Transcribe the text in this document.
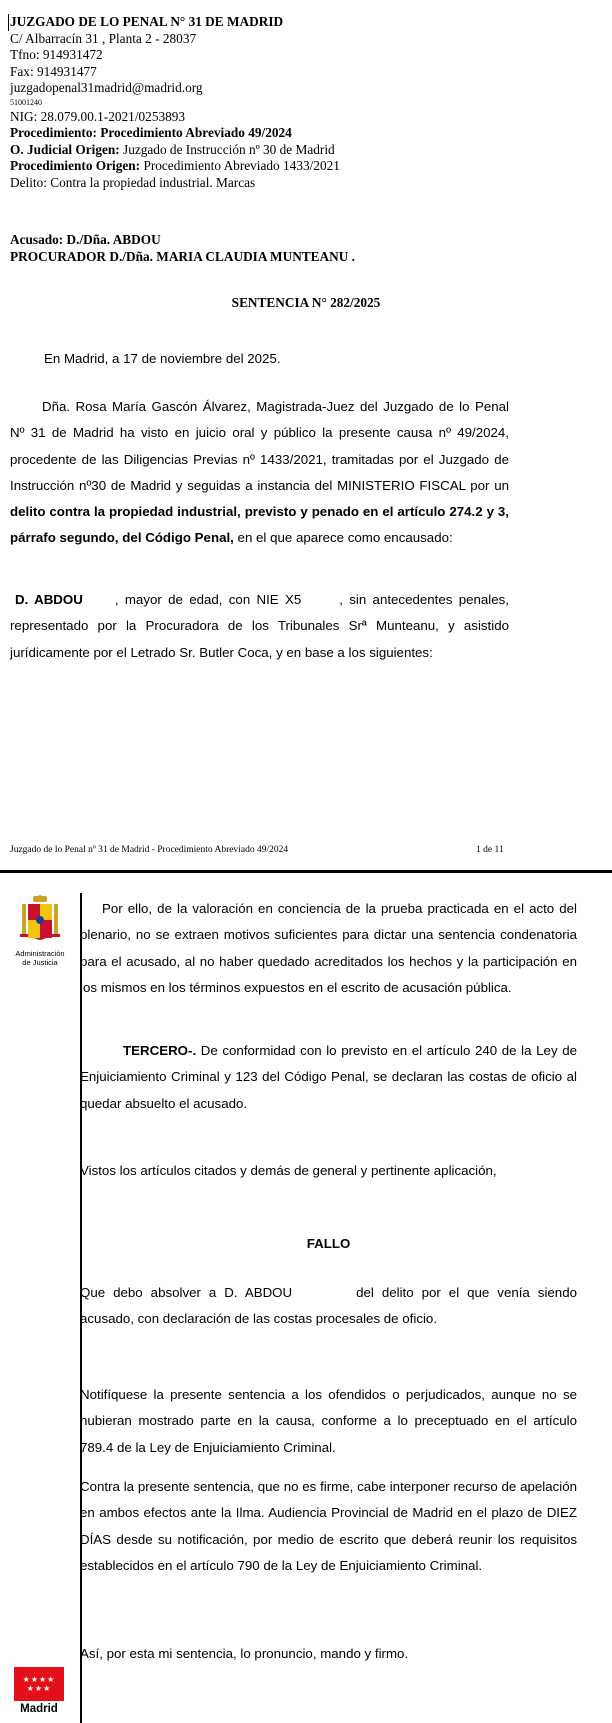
JUZGADO DE LO PENAL N° 31 DE MADRID
C/ Albarracín 31 , Planta 2 - 28037
Tfno: 914931472
Fax: 914931477
juzgadopenal31madrid@madrid.org
51001240
NIG: 28.079.00.1-2021/0253893
Procedimiento: Procedimiento Abreviado 49/2024
O. Judicial Origen: Juzgado de Instrucción nº 30 de Madrid
Procedimiento Origen: Procedimiento Abreviado 1433/2021
Delito: Contra la propiedad industrial. Marcas
Acusado: D./Dña. ABDOU
PROCURADOR D./Dña. MARIA CLAUDIA MUNTEANU .
SENTENCIA N° 282/2025
En Madrid, a 17 de noviembre del 2025.
Dña. Rosa María Gascón Álvarez, Magistrada-Juez del Juzgado de lo Penal Nº 31 de Madrid ha visto en juicio oral y público la presente causa nº 49/2024, procedente de las Diligencias Previas nº 1433/2021, tramitadas por el Juzgado de Instrucción nº30 de Madrid y seguidas a instancia del MINISTERIO FISCAL por un delito contra la propiedad industrial, previsto y penado en el artículo 274.2 y 3, párrafo segundo, del Código Penal, en el que aparece como encausado:
D. ABDOU , mayor de edad, con NIE X5	, sin antecedentes penales, representado por la Procuradora de los Tribunales Srª Munteanu, y asistido jurídicamente por el Letrado Sr. Butler Coca, y en base a los siguientes:
Juzgado de lo Penal nº 31 de Madrid - Procedimiento Abreviado 49/2024	1 de 11
Administración de Justicia
Por ello, de la valoración en conciencia de la prueba practicada en el acto del plenario, no se extraen motivos suficientes para dictar una sentencia condenatoria para el acusado, al no haber quedado acreditados los hechos y la participación en los mismos en los términos expuestos en el escrito de acusación pública.
TERCERO-. De conformidad con lo previsto en el artículo 240 de la Ley de Enjuiciamiento Criminal y 123 del Código Penal, se declaran las costas de oficio al quedar absuelto el acusado.
Vistos los artículos citados y demás de general y pertinente aplicación,
FALLO
Que debo absolver a D. ABDOU	del delito por el que venía siendo acusado, con declaración de las costas procesales de oficio.
Notifíquese la presente sentencia a los ofendidos o perjudicados, aunque no se hubieran mostrado parte en la causa, conforme a lo preceptuado en el artículo 789.4 de la Ley de Enjuiciamiento Criminal.
Contra la presente sentencia, que no es firme, cabe interponer recurso de apelación en ambos efectos ante la Ilma. Audiencia Provincial de Madrid en el plazo de DIEZ DÍAS desde su notificación, por medio de escrito que deberá reunir los requisitos establecidos en el artículo 790 de la Ley de Enjuiciamiento Criminal.
Así, por esta mi sentencia, lo pronuncio, mando y firmo.
★★★★ ★★★
Madrid
